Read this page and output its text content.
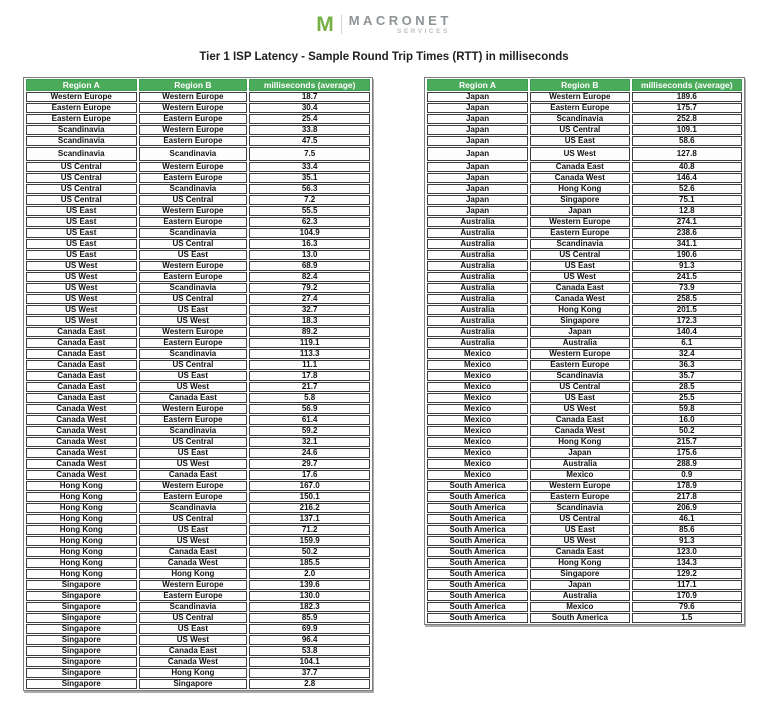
M MACRONET
SERVICES
Tier 1 ISP Latency - Sample Round Trip Times (RTT) in milliseconds
Region A	Region B	milliseconds (average)
Western Europe	Western Europe	18.7
Eastern Europe	Western Europe	30.4
Eastern Europe	Eastern Europe	25.4
Scandinavia	Western Europe	33.8
Scandinavia	Eastern Europe	47.5
Scandinavia	Scandinavia	7.5
US Central	Western Europe	33.4
US Central	Eastern Europe	35.1
US Central	Scandinavia	56.3
US Central	US Central	7.2
US East	Western Europe	55.5
US East	Eastern Europe	62.3
US East	Scandinavia	104.9
US East	US Central	16.3
US East	US East	13.0
US West	Western Europe	68.9
US West	Eastern Europe	82.4
US West	Scandinavia	79.2
US West	US Central	27.4
US West	US East	32.7
US West	US West	18.3
Canada East	Western Europe	89.2
Canada East	Eastern Europe	119.1
Canada East	Scandinavia	113.3
Canada East	US Central	11.1
Canada East	US East	17.8
Canada East	US West	21.7
Canada East	Canada East	5.8
Canada West	Western Europe	56.9
Canada West	Eastern Europe	61.4
Canada West	Scandinavia	59.2
Canada West	US Central	32.1
Canada West	US East	24.6
Canada West	US West	29.7
Canada West	Canada East	17.6
Hong Kong	Western Europe	167.0
Hong Kong	Eastern Europe	150.1
Hong Kong	Scandinavia	216.2
Hong Kong	US Central	137.1
Hong Kong	US East	71.2
Hong Kong	US West	159.9
Hong Kong	Canada East	50.2
Hong Kong	Canada West	185.5
Hong Kong	Hong Kong	2.0
Singapore	Western Europe	139.6
Singapore	Eastern Europe	130.0
Singapore	Scandinavia	182.3
Singapore	US Central	85.9
Singapore	US East	69.9
Singapore	US West	96.4
Singapore	Canada East	53.8
Singapore	Canada West	104.1
Singapore	Hong Kong	37.7
Singapore	Singapore	2.8
Region A	Region B	milliseconds (average)
Japan	Western Europe	189.6
Japan	Eastern Europe	175.7
Japan	Scandinavia	252.8
Japan	US Central	109.1
Japan	US East	58.6
Japan	US West	127.8
Japan	Canada East	40.8
Japan	Canada West	146.4
Japan	Hong Kong	52.6
Japan	Singapore	75.1
Japan	Japan	12.8
Australia	Western Europe	274.1
Australia	Eastern Europe	238.6
Australia	Scandinavia	341.1
Australia	US Central	190.6
Australia	US East	91.3
Australia	US West	241.5
Australia	Canada East	73.9
Australia	Canada West	258.5
Australia	Hong Kong	201.5
Australia	Singapore	172.3
Australia	Japan	140.4
Australia	Australia	6.1
Mexico	Western Europe	32.4
Mexico	Eastern Europe	36.3
Mexico	Scandinavia	35.7
Mexico	US Central	28.5
Mexico	US East	25.5
Mexico	US West	59.8
Mexico	Canada East	16.0
Mexico	Canada West	50.2
Mexico	Hong Kong	215.7
Mexico	Japan	175.6
Mexico	Australia	288.9
Mexico	Mexico	0.9
South America	Western Europe	178.9
South America	Eastern Europe	217.8
South America	Scandinavia	206.9
South America	US Central	46.1
South America	US East	85.6
South America	US West	91.3
South America	Canada East	123.0
South America	Hong Kong	134.3
South America	Singapore	129.2
South America	Japan	117.1
South America	Australia	170.9
South America	Mexico	79.6
South America	South America	1.5
